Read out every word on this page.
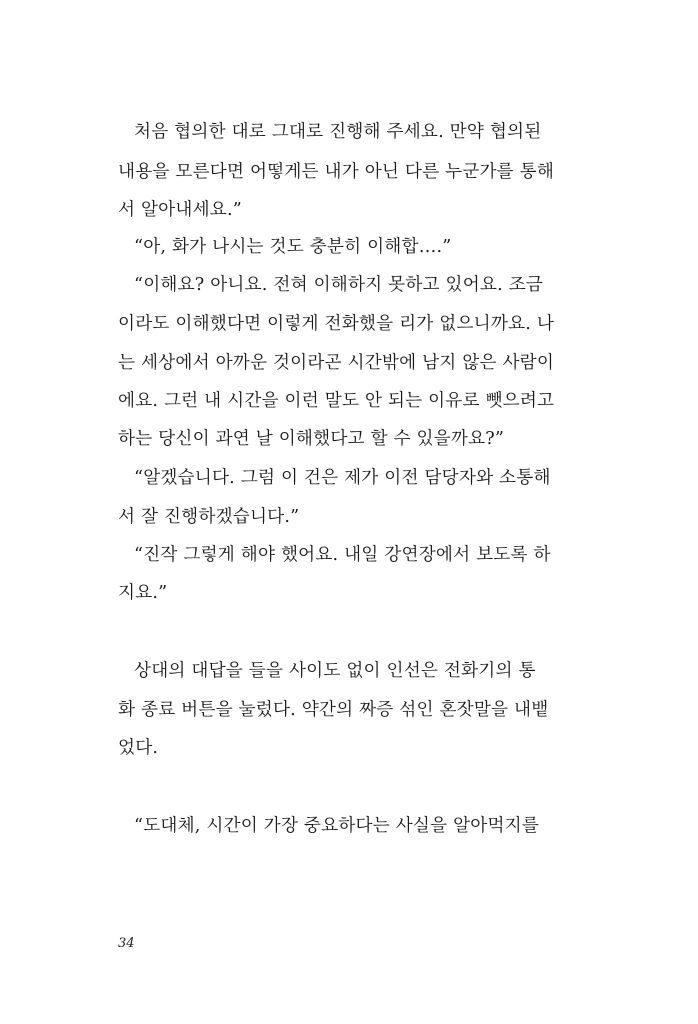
처음 협의한 대로 그대로 진행해 주세요. 만약 협의된
내용을 모른다면 어떻게든 내가 아닌 다른 누군가를 통해
서 알아내세요.”
“아, 화가 나시는 것도 충분히 이해합….”
“이해요? 아니요. 전혀 이해하지 못하고 있어요. 조금
이라도 이해했다면 이렇게 전화했을 리가 없으니까요. 나
는 세상에서 아까운 것이라곤 시간밖에 남지 않은 사람이
에요. 그런 내 시간을 이런 말도 안 되는 이유로 뺏으려고
하는 당신이 과연 날 이해했다고 할 수 있을까요?”
“알겠습니다. 그럼 이 건은 제가 이전 담당자와 소통해
서 잘 진행하겠습니다.”
“진작 그렇게 해야 했어요. 내일 강연장에서 보도록 하
지요.”
상대의 대답을 들을 사이도 없이 인선은 전화기의 통
화 종료 버튼을 눌렀다. 약간의 짜증 섞인 혼잣말을 내뱉
었다.
“도대체, 시간이 가장 중요하다는 사실을 알아먹지를
34
